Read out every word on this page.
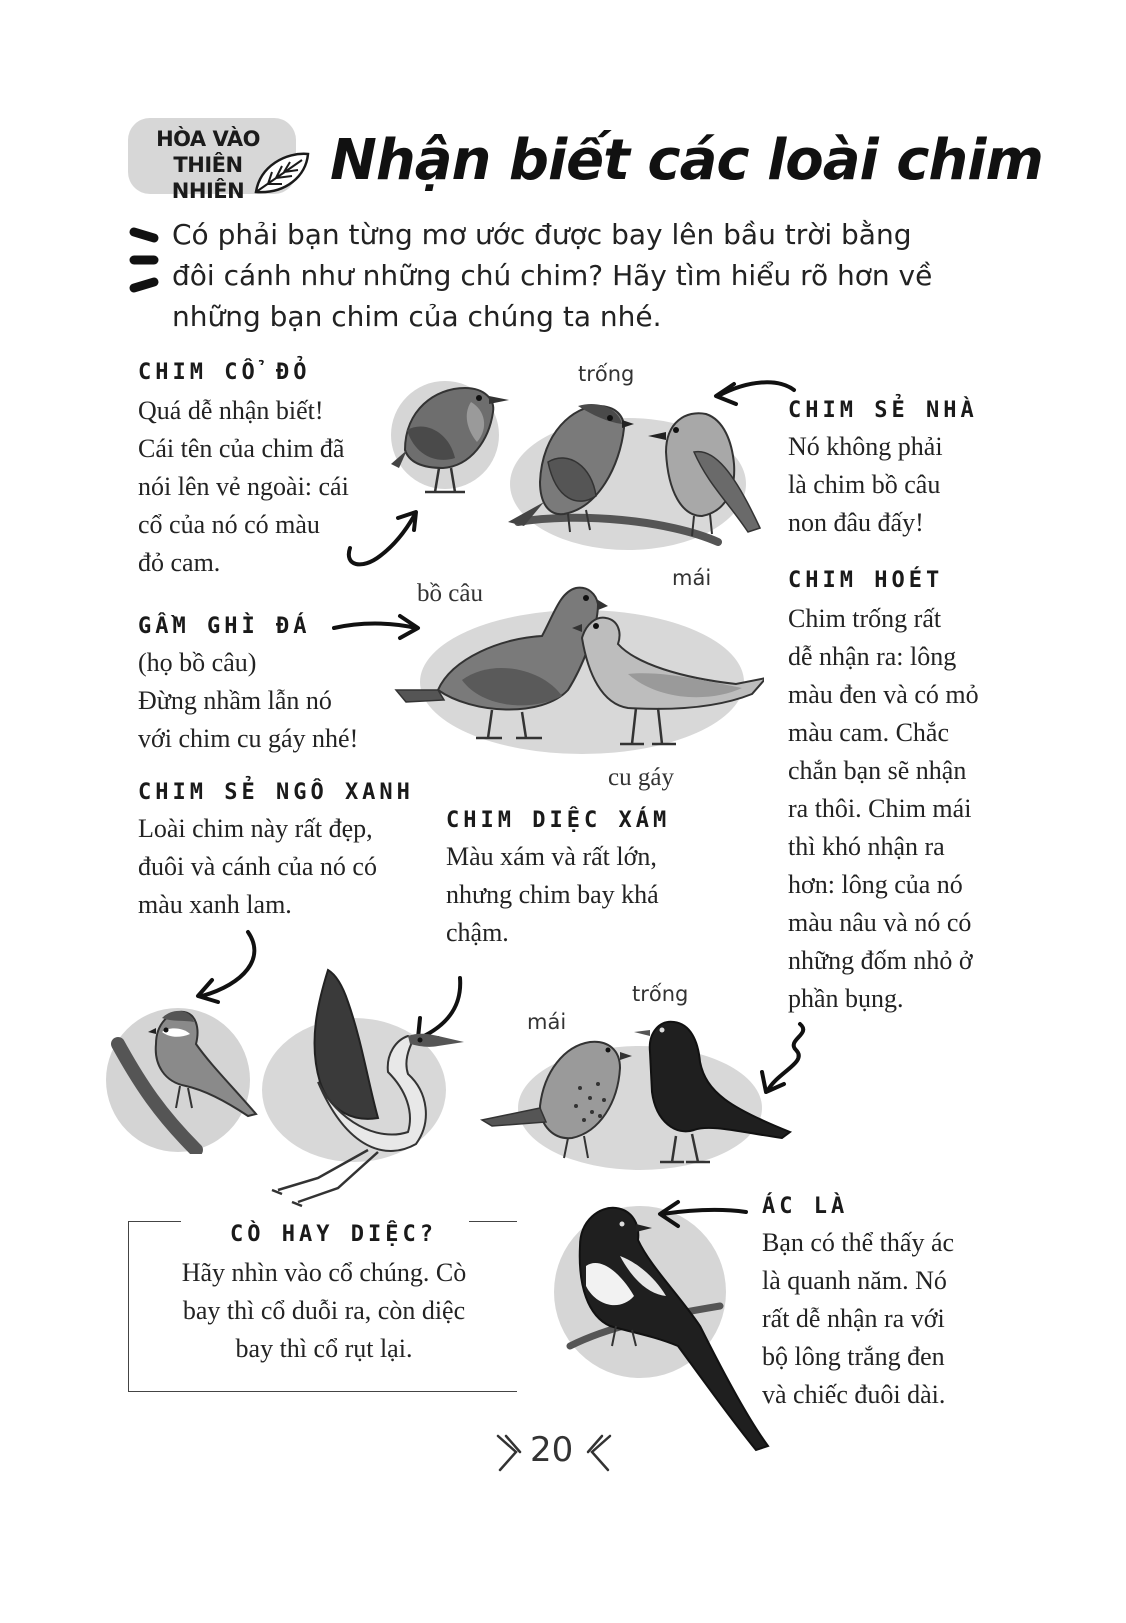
HÒA VÀO
THIÊN NHIÊN	Nhận biết các loài chim
Có phải bạn từng mơ ước được bay lên bầu trời bằng
đôi cánh như những chú chim? Hãy tìm hiểu rõ hơn về
những bạn chim của chúng ta nhé.
CHIM CỔ ĐỎ
Quá dễ nhận biết!
Cái tên của chim đã
nói lên vẻ ngoài: cái
cổ của nó có màu
đỏ cam.
trống
CHIM SẺ NHÀ
Nó không phải
là chim bồ câu
non đâu đấy!
bồ câu
mái
GẦM GHÌ ĐÁ
(họ bồ câu)
Đừng nhầm lẫn nó
với chim cu gáy nhé!
CHIM HOÉT
Chim trống rất
dễ nhận ra: lông
màu đen và có mỏ
màu cam. Chắc
chắn bạn sẽ nhận
ra thôi. Chim mái
thì khó nhận ra
hơn: lông của nó
màu nâu và nó có
những đốm nhỏ ở
phần bụng.
cu gáy
CHIM SẺ NGÔ XANH
Loài chim này rất đẹp,
đuôi và cánh của nó có
màu xanh lam.
CHIM DIỆC XÁM
Màu xám và rất lớn,
nhưng chim bay khá
chậm.
trống
mái
CÒ HAY DIỆC?
Hãy nhìn vào cổ chúng. Cò
bay thì cổ duỗi ra, còn diệc
bay thì cổ rụt lại.
ÁC LÀ
Bạn có thể thấy ác
là quanh năm. Nó
rất dễ nhận ra với
bộ lông trắng đen
và chiếc đuôi dài.
20
